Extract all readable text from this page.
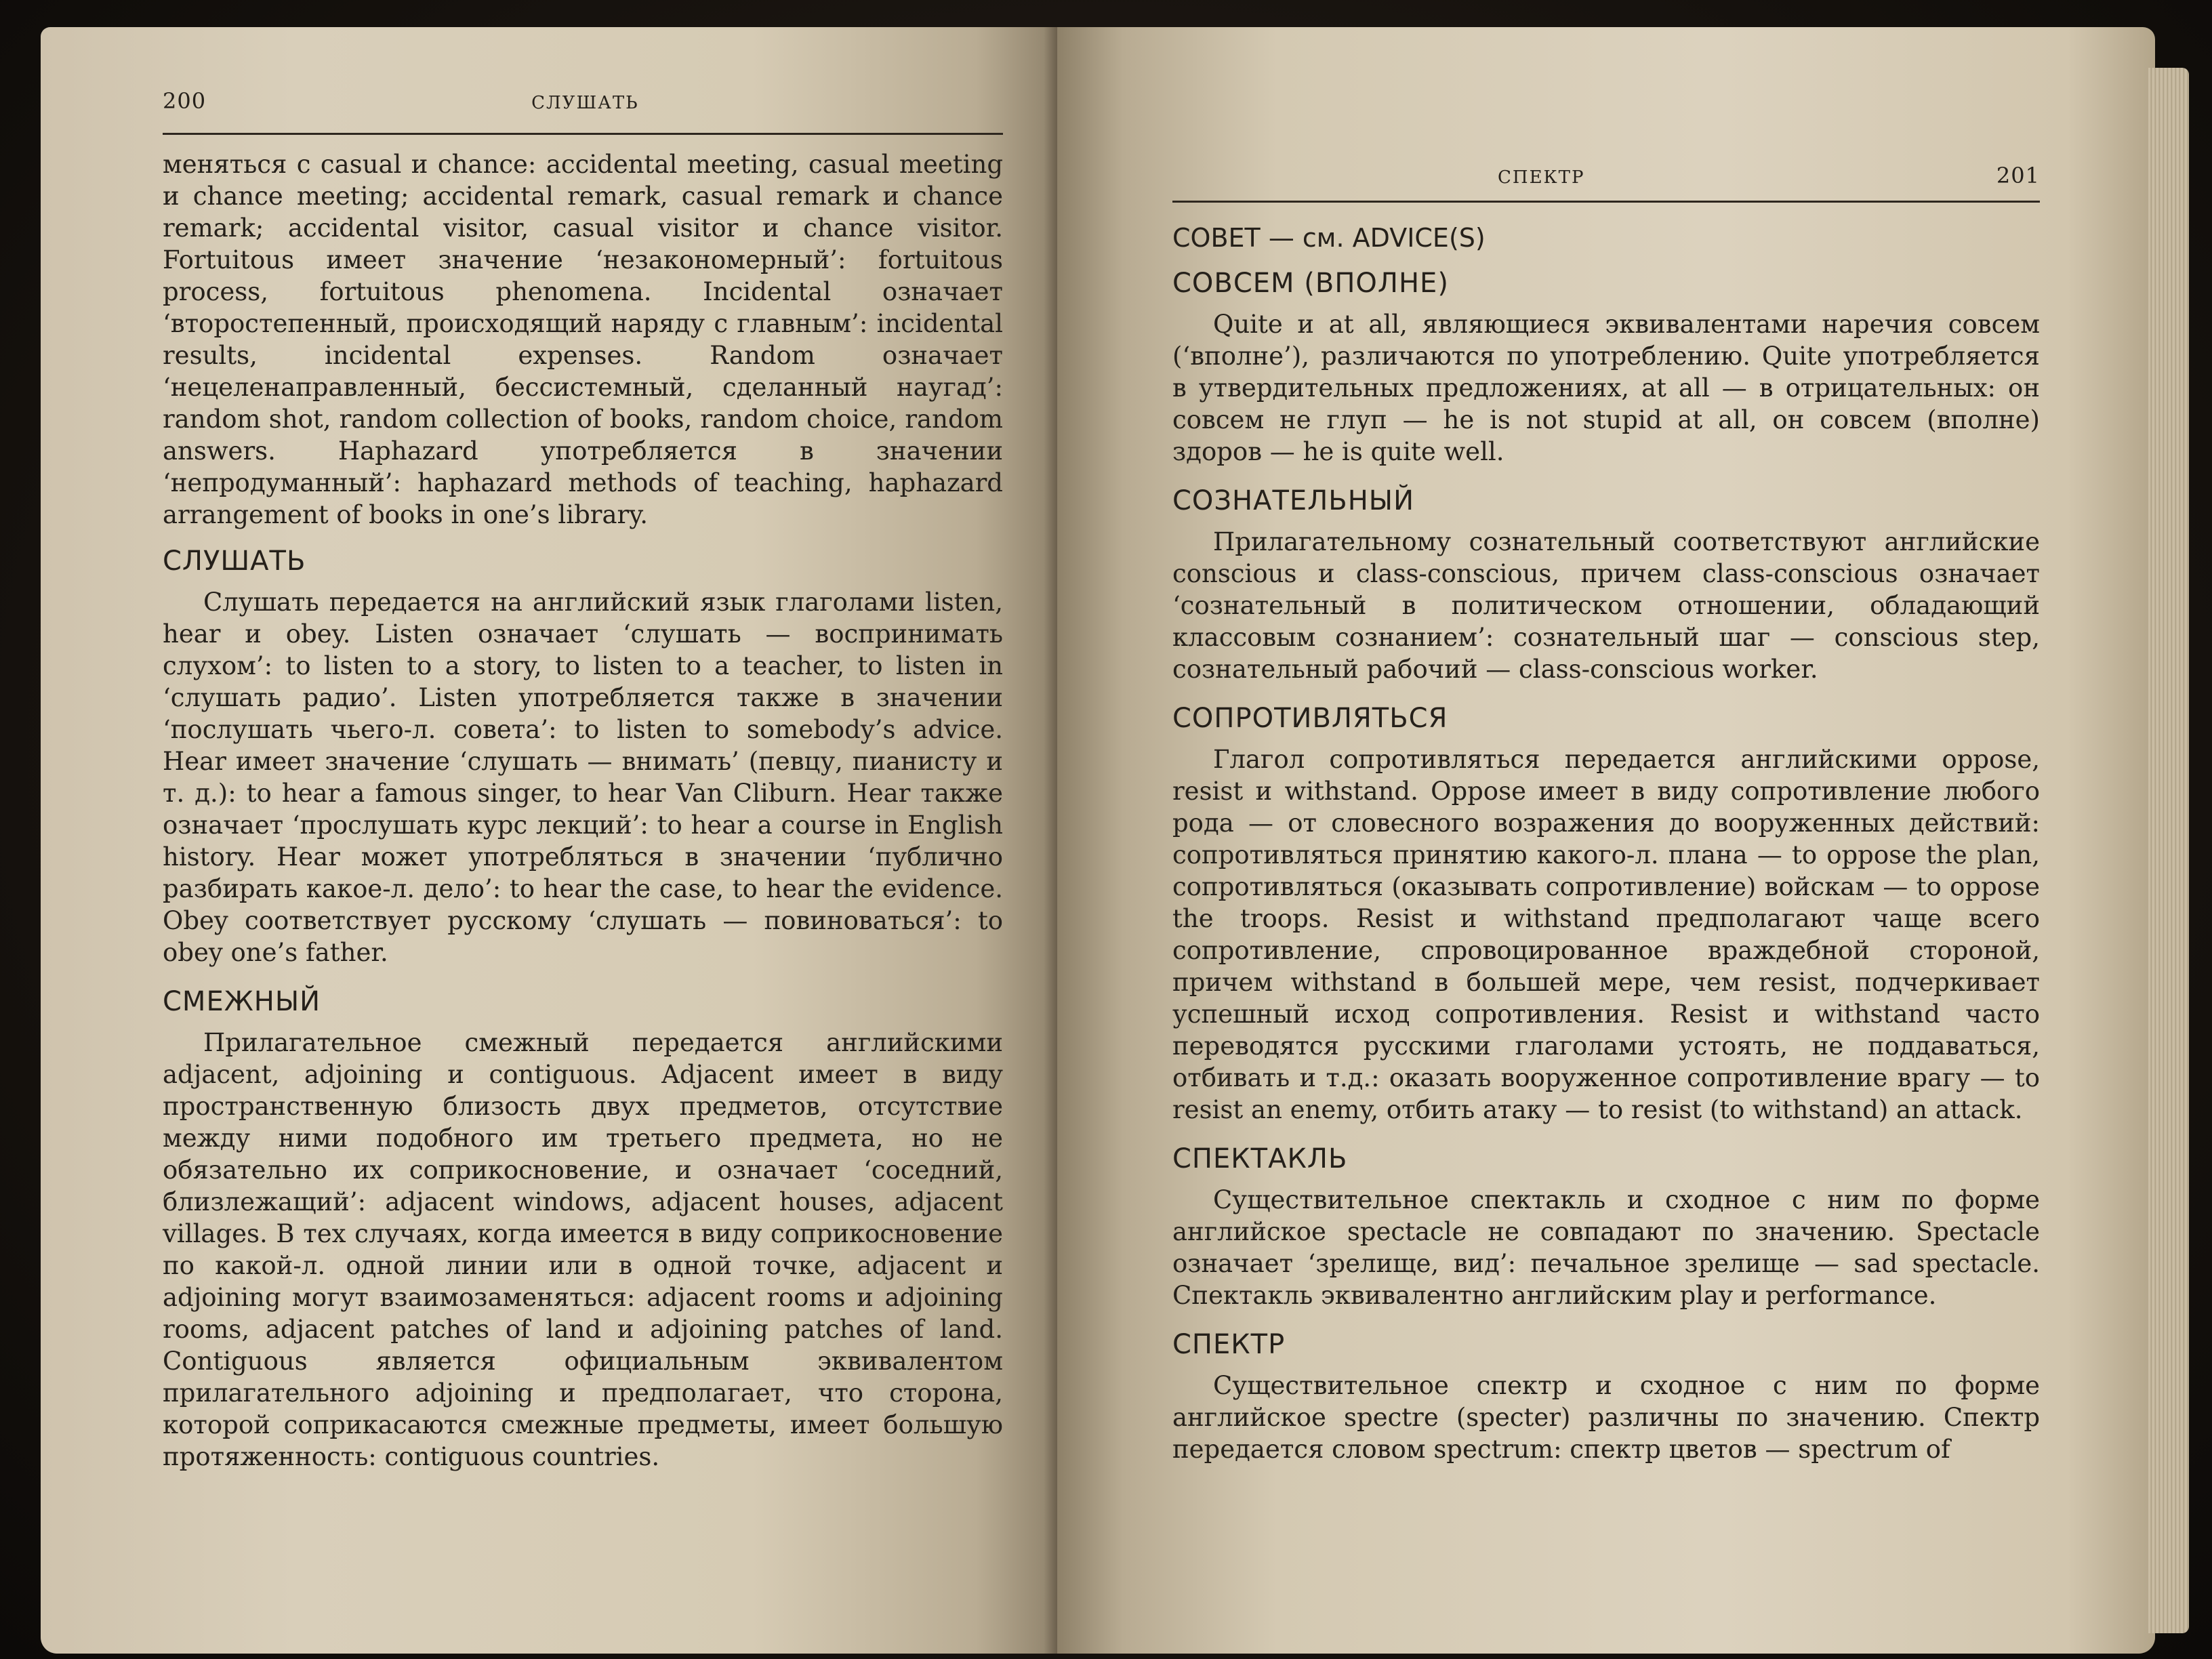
200	СЛУШАТЬ

меняться с casual и chance: accidental meeting, casual meeting и chance meeting; accidental remark, casual remark и chance remark; accidental visitor, casual visitor и chance visitor. Fortuitous имеет значение ‘незакономерный’: fortuitous process, fortuitous phenomena. Incidental означает ‘второстепенный, происходящий наряду с главным’: incidental results, incidental expenses. Random означает ‘нецеленаправленный, бессистемный, сделанный наугад’: random shot, random collection of books, random choice, random answers. Haphazard употребляется в значении ‘непродуманный’: haphazard methods of teaching, haphazard arrangement of books in one’s library.

СЛУШАТЬ

Слушать передается на английский язык глаголами listen, hear и obey. Listen означает ‘слушать — воспринимать слухом’: to listen to a story, to listen to a teacher, to listen in ‘слушать радио’. Listen употребляется также в значении ‘послушать чьего-л. совета’: to listen to somebody’s advice. Hear имеет значение ‘слушать — внимать’ (певцу, пианисту и т. д.): to hear a famous singer, to hear Van Cliburn. Hear также означает ‘прослушать курс лекций’: to hear a course in English history. Hear может употребляться в значении ‘публично разбирать какое-л. дело’: to hear the case, to hear the evidence. Obey соответствует русскому ‘слушать — повиноваться’: to obey one’s father.

СМЕЖНЫЙ

Прилагательное смежный передается английскими adjacent, adjoining и contiguous. Adjacent имеет в виду пространственную близость двух предметов, отсутствие между ними подобного им третьего предмета, но не обязательно их соприкосновение, и означает ‘соседний, близлежащий’: adjacent windows, adjacent houses, adjacent villages. В тех случаях, когда имеется в виду соприкосновение по какой-л. одной линии или в одной точке, adjacent и adjoining могут взаимозаменяться: adjacent rooms и adjoining rooms, adjacent patches of land и adjoining patches of land. Contiguous является официальным эквивалентом прилагательного adjoining и предполагает, что сторона, которой соприкасаются смежные предметы, имеет большую протяженность: contiguous countries.

СПЕКТР	201
СОВЕТ — см. ADVICE(S)
СОВСЕМ (ВПОЛНЕ)

Quite и at all, являющиеся эквивалентами наречия совсем (‘вполне’), различаются по употреблению. Quite употребляется в утвердительных предложениях, at all — в отрицательных: он совсем не глуп — he is not stupid at all, он совсем (вполне) здоров — he is quite well.

СОЗНАТЕЛЬНЫЙ

Прилагательному сознательный соответствуют английские conscious и class-conscious, причем class-conscious означает ‘сознательный в политическом отношении, обладающий классовым сознанием’: сознательный шаг — conscious step, сознательный рабочий — class-conscious worker.

СОПРОТИВЛЯТЬСЯ

Глагол сопротивляться передается английскими oppose, resist и withstand. Oppose имеет в виду сопротивление любого рода — от словесного возражения до вооруженных действий: сопротивляться принятию какого-л. плана — to oppose the plan, сопротивляться (оказывать сопротивление) войскам — to oppose the troops. Resist и withstand предполагают чаще всего сопротивление, спровоцированное враждебной стороной, причем withstand в большей мере, чем resist, подчеркивает успешный исход сопротивления. Resist и withstand часто переводятся русскими глаголами устоять, не поддаваться, отбивать и т.д.: оказать вооруженное сопротивление врагу — to resist an enemy, отбить атаку — to resist (to withstand) an attack.

СПЕКТАКЛЬ

Существительное спектакль и сходное с ним по форме английское spectacle не совпадают по значению. Spectacle означает ‘зрелище, вид’: печальное зрелище — sad spectacle. Спектакль эквивалентно английским play и performance.

СПЕКТР

Существительное спектр и сходное с ним по форме английское spectre (specter) различны по значению. Спектр передается словом spectrum: спектр цветов — spectrum of
